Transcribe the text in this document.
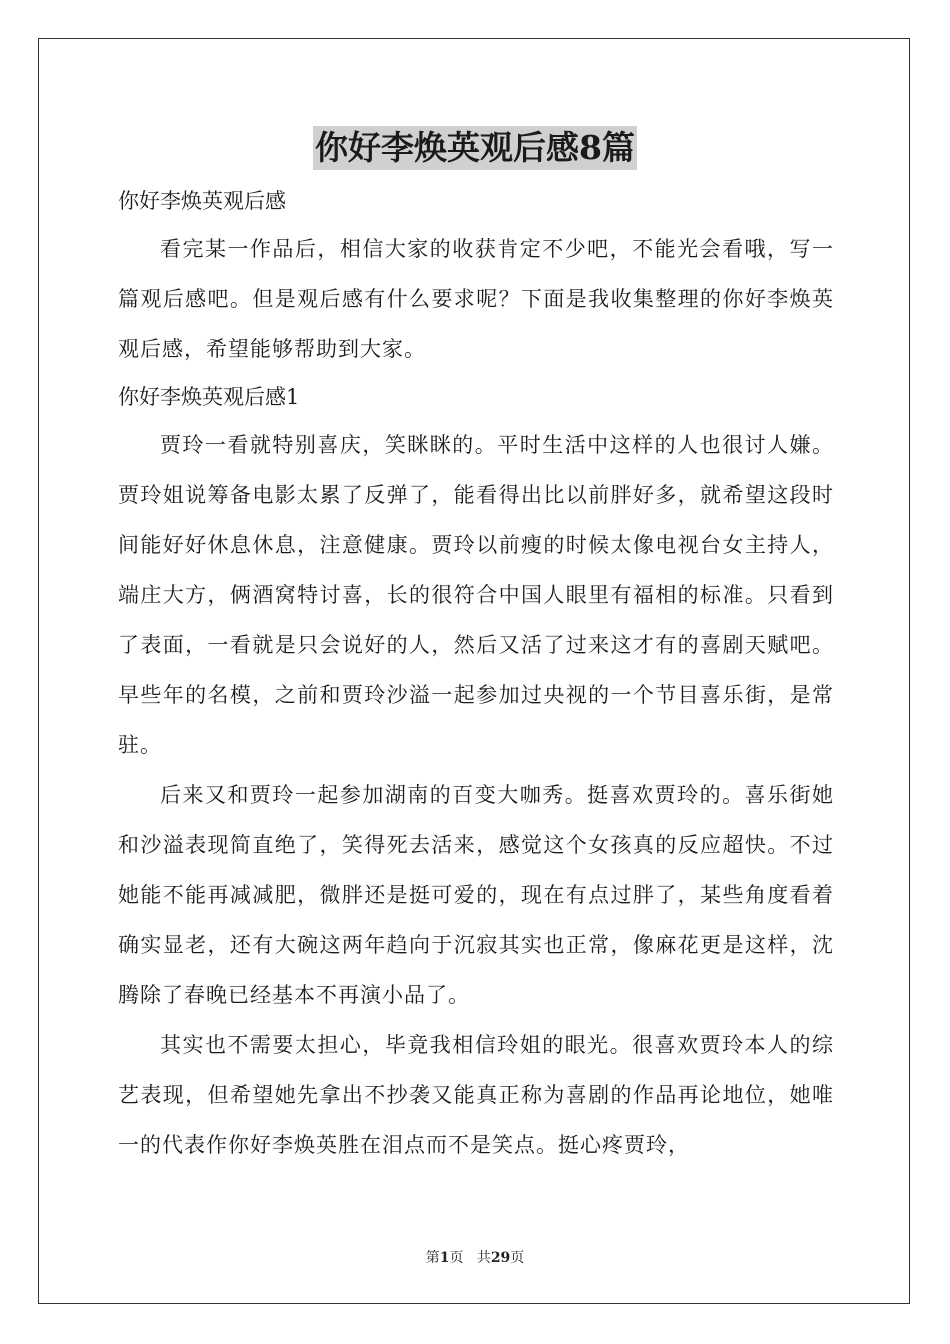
你好李焕英观后感8篇

你好李焕英观后感

看完某一作品后，相信大家的收获肯定不少吧，不能光会看哦，写一篇观后感吧。但是观后感有什么要求呢？下面是我收集整理的你好李焕英观后感，希望能够帮助到大家。

你好李焕英观后感1

贾玲一看就特别喜庆，笑眯眯的。平时生活中这样的人也很讨人嫌。贾玲姐说筹备电影太累了反弹了，能看得出比以前胖好多，就希望这段时间能好好休息休息，注意健康。贾玲以前瘦的时候太像电视台女主持人，端庄大方，俩酒窝特讨喜，长的很符合中国人眼里有福相的标准。只看到了表面，一看就是只会说好的人，然后又活了过来这才有的喜剧天赋吧。早些年的名模，之前和贾玲沙溢一起参加过央视的一个节目喜乐街，是常驻。

后来又和贾玲一起参加湖南的百变大咖秀。挺喜欢贾玲的。喜乐街她和沙溢表现简直绝了，笑得死去活来，感觉这个女孩真的反应超快。不过她能不能再减减肥，微胖还是挺可爱的，现在有点过胖了，某些角度看着确实显老，还有大碗这两年趋向于沉寂其实也正常，像麻花更是这样，沈腾除了春晚已经基本不再演小品了。

其实也不需要太担心，毕竟我相信玲姐的眼光。很喜欢贾玲本人的综艺表现，但希望她先拿出不抄袭又能真正称为喜剧的作品再论地位，她唯一的代表作你好李焕英胜在泪点而不是笑点。挺心疼贾玲，

第1页 共29页
